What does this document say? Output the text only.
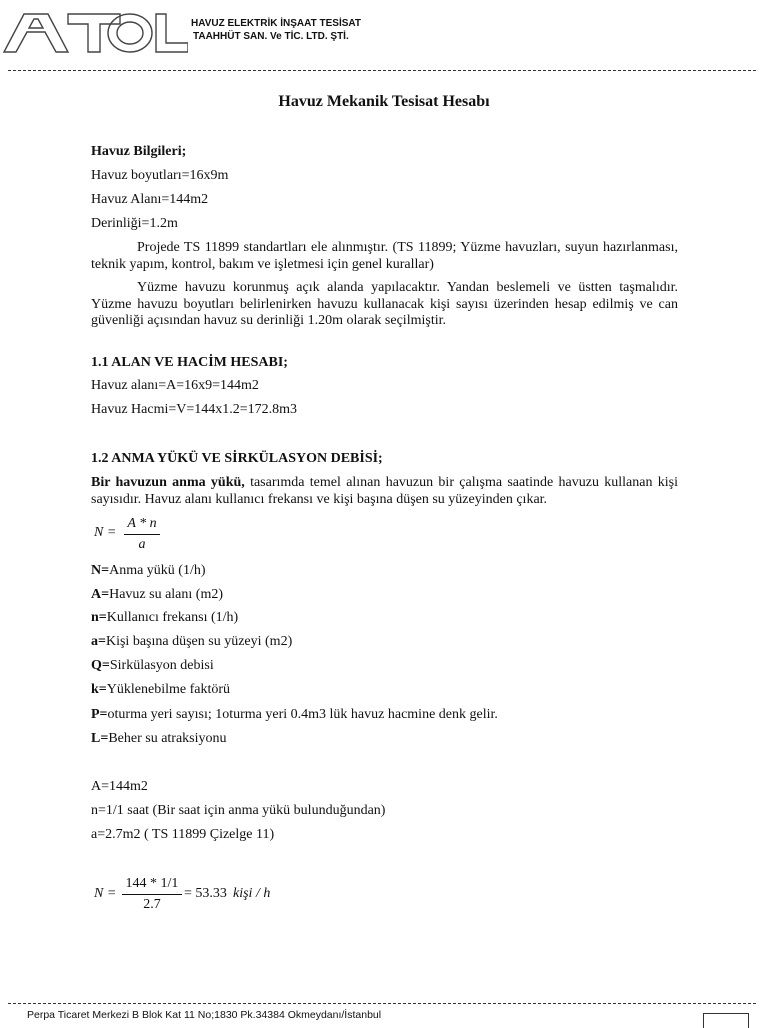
HAVUZ ELEKTRİK İNŞAAT TESİSAT
TAAHHÜT SAN. Ve TİC. LTD. ŞTİ.
Havuz Mekanik Tesisat Hesabı
Havuz Bilgileri;
Havuz boyutları=16x9m
Havuz Alanı=144m2
Derinliği=1.2m
Projede TS 11899 standartları ele alınmıştır. (TS 11899; Yüzme havuzları, suyun hazırlanması, teknik yapım, kontrol, bakım ve işletmesi için genel kurallar)
Yüzme havuzu korunmuş açık alanda yapılacaktır. Yandan beslemeli ve üstten taşmalıdır. Yüzme havuzu boyutları belirlenirken havuzu kullanacak kişi sayısı üzerinden hesap edilmiş ve can güvenliği açısından havuz su derinliği 1.20m olarak seçilmiştir.
1.1 ALAN VE HACİM HESABI;
Havuz alanı=A=16x9=144m2
Havuz Hacmi=V=144x1.2=172.8m3
1.2 ANMA YÜKÜ VE SİRKÜLASYON DEBİSİ;
Bir havuzun anma yükü, tasarımda temel alınan havuzun bir çalışma saatinde havuzu kullanan kişi sayısıdır. Havuz alanı kullanıcı frekansı ve kişi başına düşen su yüzeyinden çıkar.
N =
A * n
a
N=Anma yükü (1/h)
A=Havuz su alanı (m2)
n=Kullanıcı frekansı (1/h)
a=Kişi başına düşen su yüzeyi (m2)
Q=Sirkülasyon debisi
k=Yüklenebilme faktörü
P=oturma yeri sayısı; 1oturma yeri 0.4m3 lük havuz hacmine denk gelir.
L=Beher su atraksiyonu
A=144m2
n=1/1 saat (Bir saat için anma yükü bulunduğundan)
a=2.7m2 ( TS 11899 Çizelge 11)
N =
144 * 1/1
2.7
= 53.33 kişi / h
Perpa Ticaret Merkezi B Blok Kat 11 No;1830 Pk.34384 Okmeydanı/İstanbul
